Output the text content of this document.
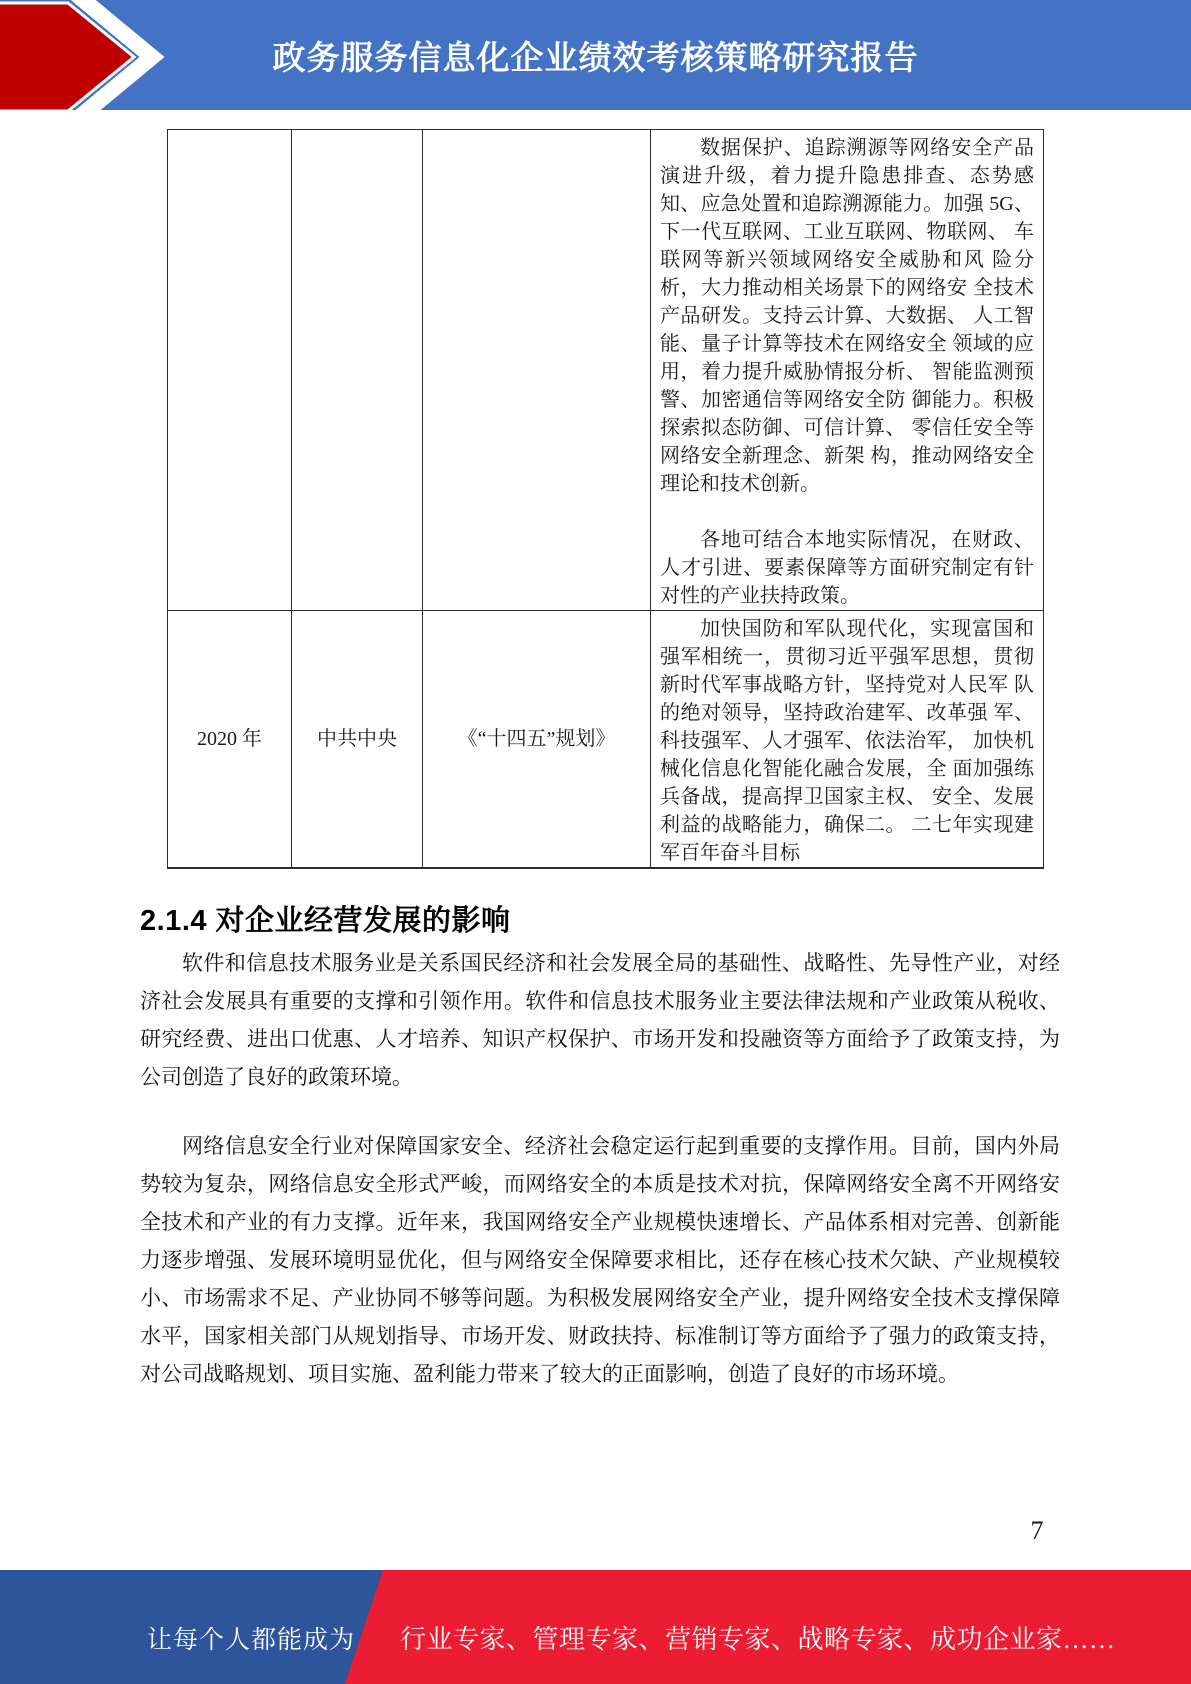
政务服务信息化企业绩效考核策略研究报告

			数据保护、追踪溯源等网络安全产品演进升级，着力提升隐患排查、态势感知、应急处置和追踪溯源能力。加强 5G、 下一代互联网、工业互联网、物联网、 车联网等新兴领域网络安全威胁和风 险分析，大力推动相关场景下的网络安 全技术产品研发。支持云计算、大数据、 人工智能、量子计算等技术在网络安全 领域的应用，着力提升威胁情报分析、 智能监测预警、加密通信等网络安全防 御能力。积极探索拟态防御、可信计算、 零信任安全等网络安全新理念、新架 构，推动网络安全理论和技术创新。

各地可结合本地实际情况，在财政、人才引进、要素保障等方面研究制定有针 对性的产业扶持政策。

2020 年	中共中央	《“十四五”规划》	加快国防和军队现代化，实现富国和强军相统一，贯彻习近平强军思想，贯彻 新时代军事战略方针，坚持党对人民军 队的绝对领导，坚持政治建军、改革强 军、科技强军、人才强军、依法治军， 加快机械化信息化智能化融合发展，全 面加强练兵备战，提高捍卫国家主权、 安全、发展利益的战略能力，确保二。 二七年实现建军百年奋斗目标

2.1.4 对企业经营发展的影响

软件和信息技术服务业是关系国民经济和社会发展全局的基础性、战略性、先导性产业，对经济社会发展具有重要的支撑和引领作用。软件和信息技术服务业主要法律法规和产业政策从税收、研究经费、进出口优惠、人才培养、知识产权保护、市场开发和投融资等方面给予了政策支持，为公司创造了良好的政策环境。

网络信息安全行业对保障国家安全、经济社会稳定运行起到重要的支撑作用。目前，国内外局势较为复杂，网络信息安全形式严峻，而网络安全的本质是技术对抗，保障网络安全离不开网络安全技术和产业的有力支撑。近年来，我国网络安全产业规模快速增长、产品体系相对完善、创新能力逐步增强、发展环境明显优化，但与网络安全保障要求相比，还存在核心技术欠缺、产业规模较小、市场需求不足、产业协同不够等问题。为积极发展网络安全产业，提升网络安全技术支撑保障水平，国家相关部门从规划指导、市场开发、财政扶持、标准制订等方面给予了强力的政策支持，对公司战略规划、项目实施、盈利能力带来了较大的正面影响，创造了良好的市场环境。

7
让每个人都能成为 行业专家、管理专家、营销专家、战略专家、成功企业家……
